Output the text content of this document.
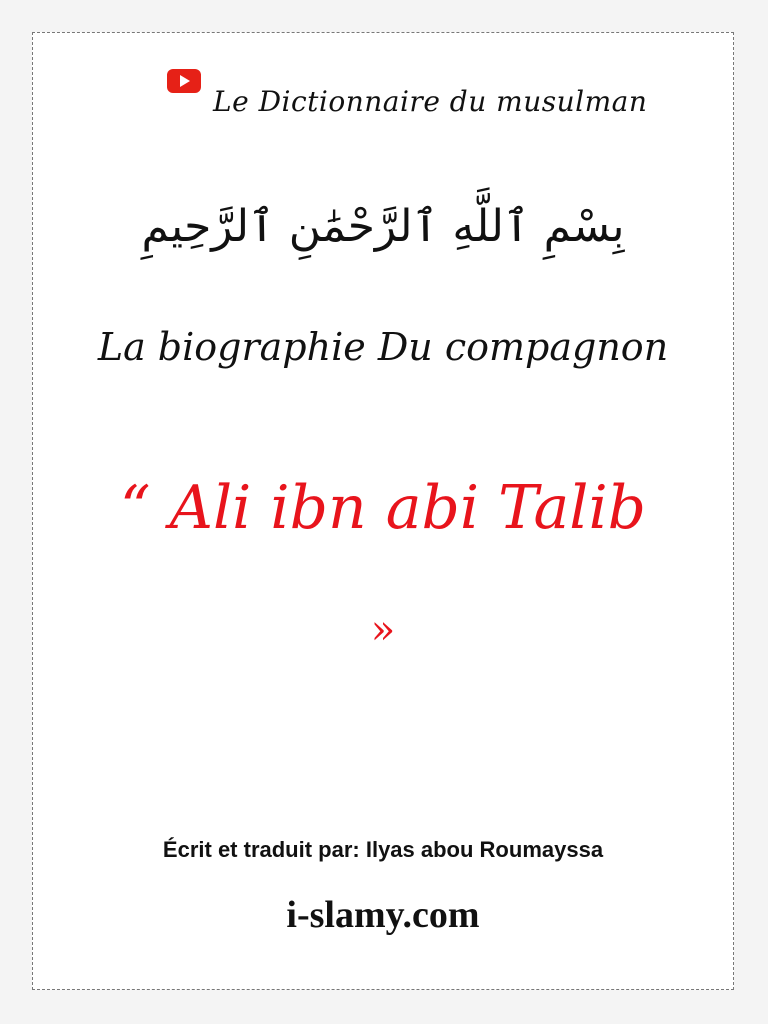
Le Dictionnaire du musulman
بِسْمِ ٱللَّهِ ٱلرَّحْمَٰنِ ٱلرَّحِيمِ
La biographie Du compagnon
“ Ali ibn abi Talib
»
Écrit et traduit par: Ilyas abou Roumayssa
i-slamy.com
